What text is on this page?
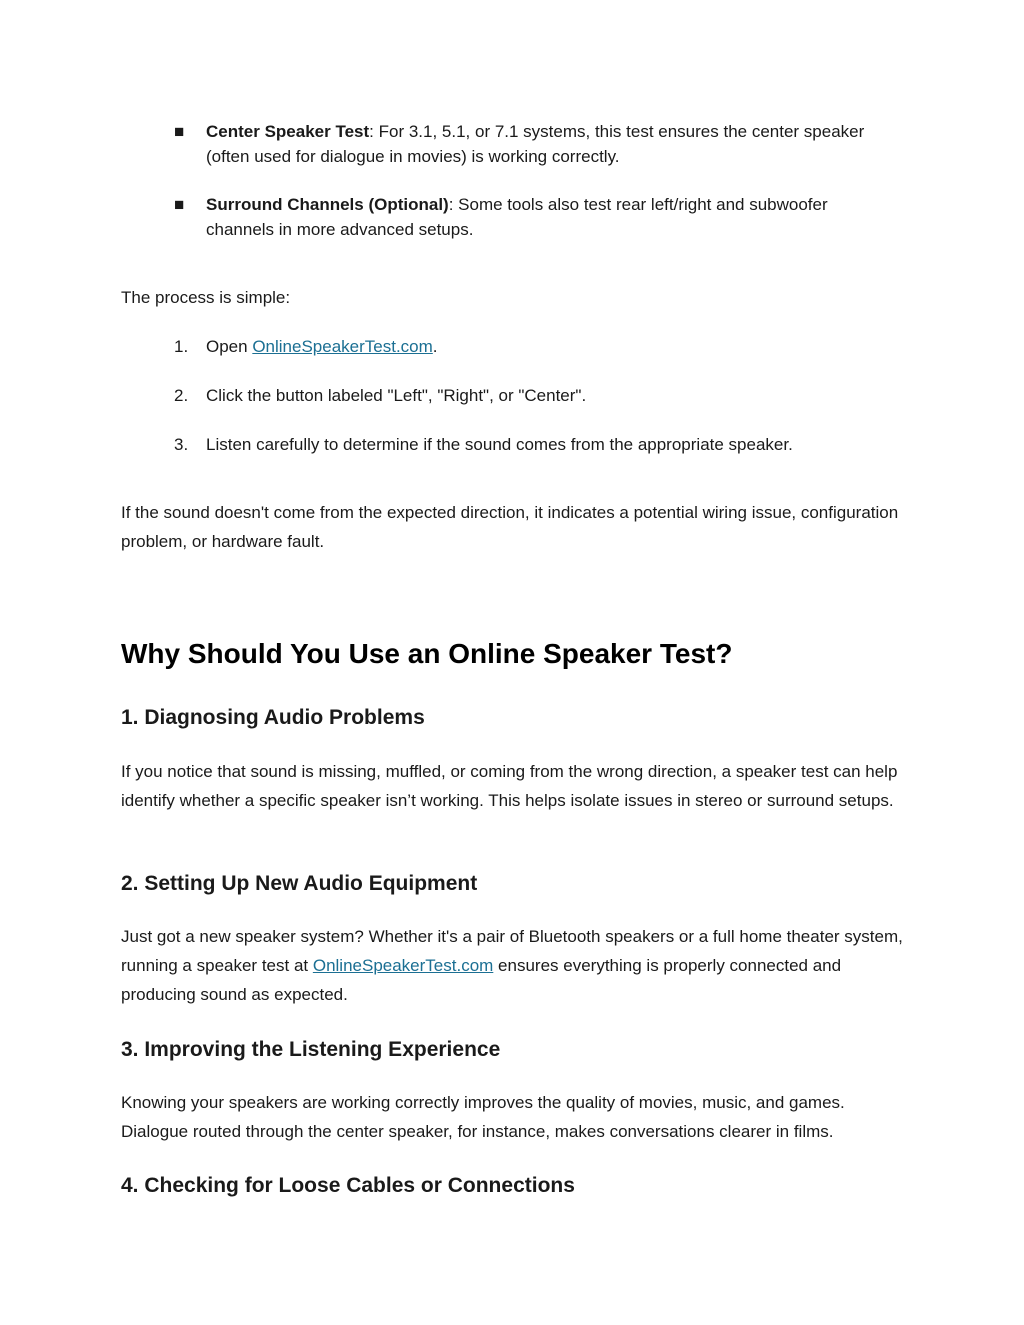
■ Center Speaker Test: For 3.1, 5.1, or 7.1 systems, this test ensures the center speaker (often used for dialogue in movies) is working correctly.
■ Surround Channels (Optional): Some tools also test rear left/right and subwoofer channels in more advanced setups.
The process is simple:
1. Open OnlineSpeakerTest.com.
2. Click the button labeled "Left", "Right", or "Center".
3. Listen carefully to determine if the sound comes from the appropriate speaker.
If the sound doesn't come from the expected direction, it indicates a potential wiring issue, configuration problem, or hardware fault.
Why Should You Use an Online Speaker Test?
1. Diagnosing Audio Problems
If you notice that sound is missing, muffled, or coming from the wrong direction, a speaker test can help identify whether a specific speaker isn’t working. This helps isolate issues in stereo or surround setups.
2. Setting Up New Audio Equipment
Just got a new speaker system? Whether it's a pair of Bluetooth speakers or a full home theater system, running a speaker test at OnlineSpeakerTest.com ensures everything is properly connected and producing sound as expected.
3. Improving the Listening Experience
Knowing your speakers are working correctly improves the quality of movies, music, and games. Dialogue routed through the center speaker, for instance, makes conversations clearer in films.
4. Checking for Loose Cables or Connections
